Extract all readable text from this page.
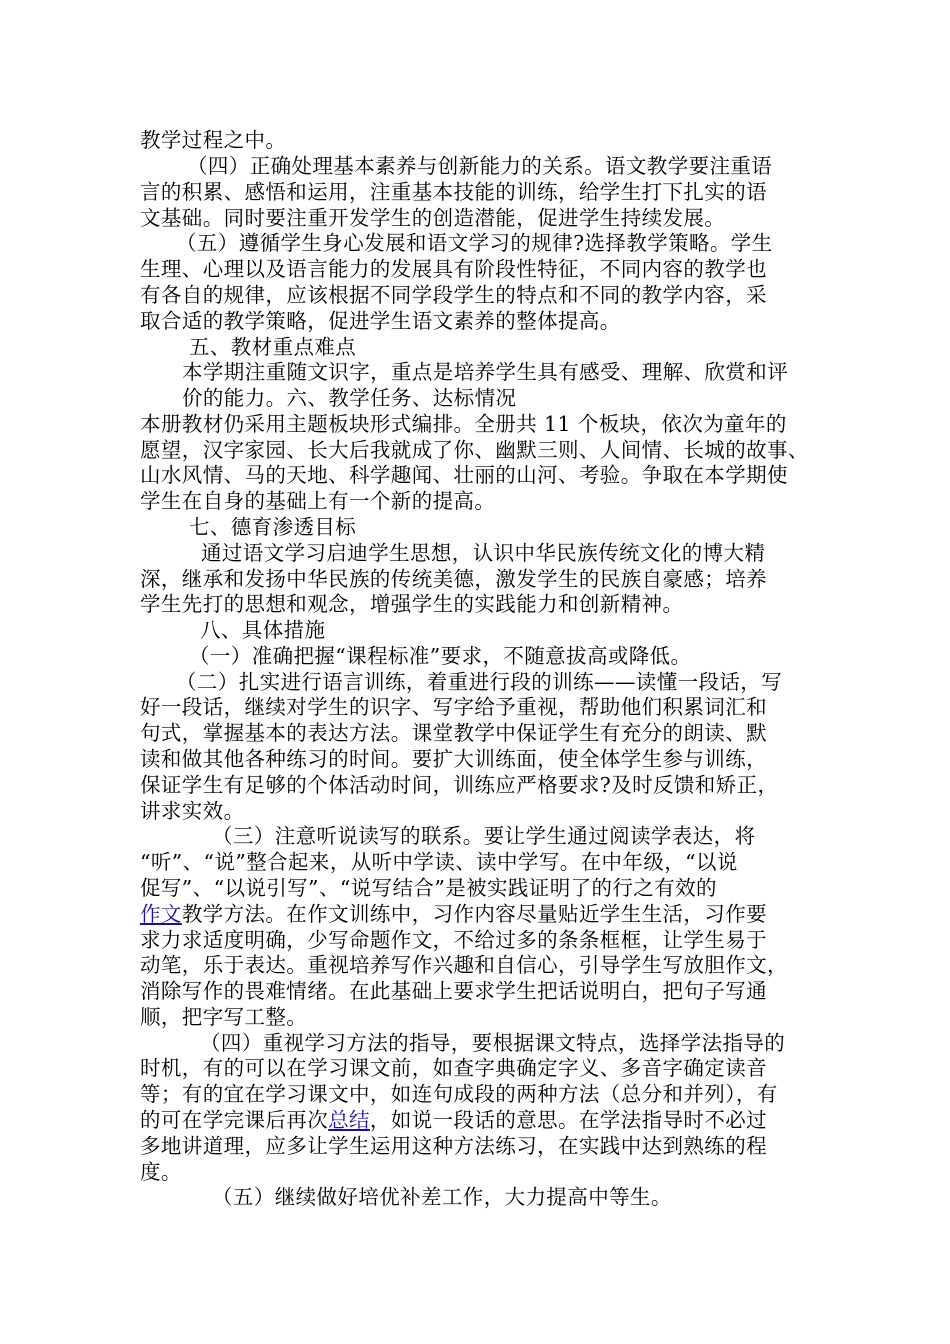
教学过程之中。
（四）正确处理基本素养与创新能力的关系。语文教学要注重语
言的积累、感悟和运用，注重基本技能的训练，给学生打下扎实的语
文基础。同时要注重开发学生的创造潜能，促进学生持续发展。
（五）遵循学生身心发展和语文学习的规律?选择教学策略。学生
生理、心理以及语言能力的发展具有阶段性特征，不同内容的教学也
有各自的规律，应该根据不同学段学生的特点和不同的教学内容，采
取合适的教学策略，促进学生语文素养的整体提高。
五、教材重点难点
本学期注重随文识字，重点是培养学生具有感受、理解、欣赏和评
价的能力。六、教学任务、达标情况
本册教材仍采用主题板块形式编排。全册共 11 个板块，依次为童年的
愿望，汉字家园、长大后我就成了你、幽默三则、人间情、长城的故事、
山水风情、马的天地、科学趣闻、壮丽的山河、考验。争取在本学期使
学生在自身的基础上有一个新的提高。
七、德育渗透目标
通过语文学习启迪学生思想，认识中华民族传统文化的博大精
深，继承和发扬中华民族的传统美德，激发学生的民族自豪感；培养
学生先打的思想和观念，增强学生的实践能力和创新精神。
八、具体措施
（一）准确把握“课程标准”要求，不随意拔高或降低。
（二）扎实进行语言训练，着重进行段的训练——读懂一段话，写
好一段话，继续对学生的识字、写字给予重视，帮助他们积累词汇和
句式，掌握基本的表达方法。课堂教学中保证学生有充分的朗读、默
读和做其他各种练习的时间。要扩大训练面，使全体学生参与训练，
保证学生有足够的个体活动时间，训练应严格要求?及时反馈和矫正，
讲求实效。
（三）注意听说读写的联系。要让学生通过阅读学表达，将
“听”、“说”整合起来，从听中学读、读中学写。在中年级，“以说
促写”、“以说引写”、“说写结合”是被实践证明了的行之有效的
作文教学方法。在作文训练中，习作内容尽量贴近学生生活，习作要
求力求适度明确，少写命题作文，不给过多的条条框框，让学生易于
动笔，乐于表达。重视培养写作兴趣和自信心，引导学生写放胆作文，
消除写作的畏难情绪。在此基础上要求学生把话说明白，把句子写通
顺，把字写工整。
（四）重视学习方法的指导，要根据课文特点，选择学法指导的
时机，有的可以在学习课文前，如查字典确定字义、多音字确定读音
等；有的宜在学习课文中，如连句成段的两种方法（总分和并列），有
的可在学完课后再次总结，如说一段话的意思。在学法指导时不必过
多地讲道理，应多让学生运用这种方法练习，在实践中达到熟练的程
度。
（五）继续做好培优补差工作，大力提高中等生。
